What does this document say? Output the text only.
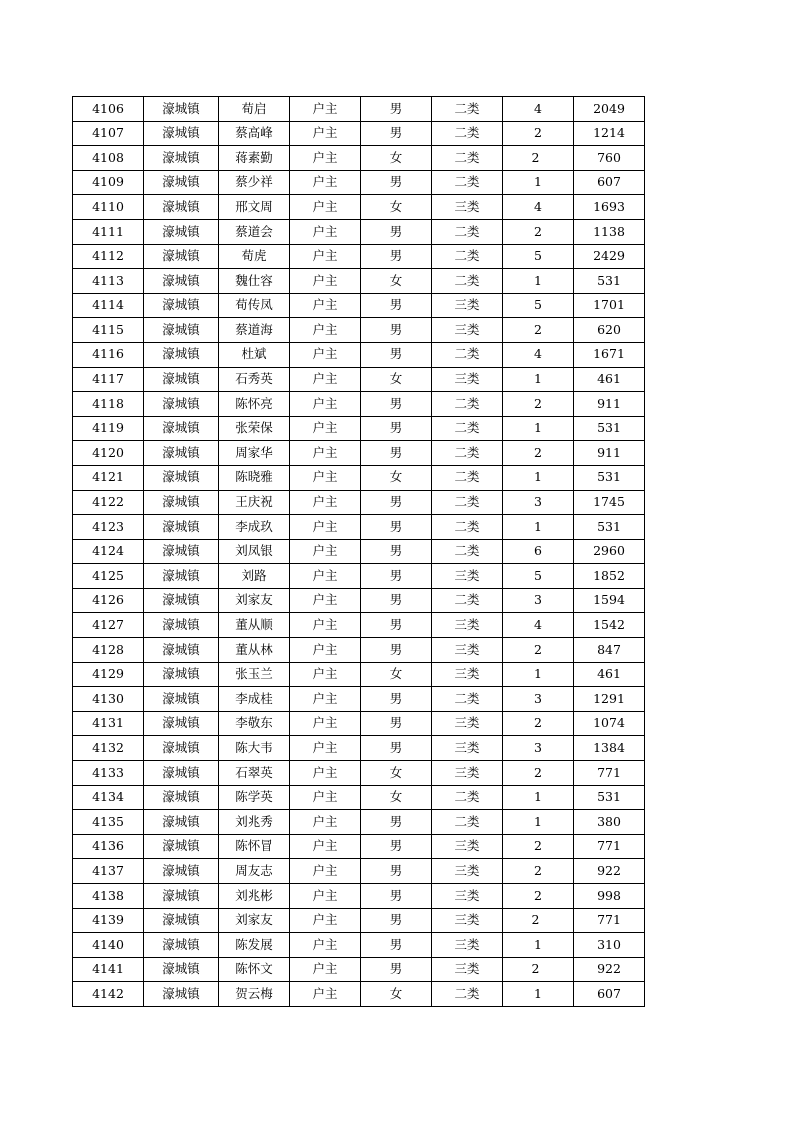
4106	濠城镇	荀启	户主	男	二类	4	2049
4107	濠城镇	蔡高峰	户主	男	二类	2	1214
4108	濠城镇	蒋素勤	户主	女	二类	2	760
4109	濠城镇	蔡少祥	户主	男	二类	1	607
4110	濠城镇	邢文周	户主	女	三类	4	1693
4111	濠城镇	蔡道会	户主	男	二类	2	1138
4112	濠城镇	荀虎	户主	男	二类	5	2429
4113	濠城镇	魏仕容	户主	女	二类	1	531
4114	濠城镇	荀传凤	户主	男	三类	5	1701
4115	濠城镇	蔡道海	户主	男	三类	2	620
4116	濠城镇	杜斌	户主	男	二类	4	1671
4117	濠城镇	石秀英	户主	女	三类	1	461
4118	濠城镇	陈怀亮	户主	男	二类	2	911
4119	濠城镇	张荣保	户主	男	二类	1	531
4120	濠城镇	周家华	户主	男	二类	2	911
4121	濠城镇	陈晓雅	户主	女	二类	1	531
4122	濠城镇	王庆祝	户主	男	二类	3	1745
4123	濠城镇	李成玖	户主	男	二类	1	531
4124	濠城镇	刘凤银	户主	男	二类	6	2960
4125	濠城镇	刘路	户主	男	三类	5	1852
4126	濠城镇	刘家友	户主	男	二类	3	1594
4127	濠城镇	董从顺	户主	男	三类	4	1542
4128	濠城镇	董从林	户主	男	三类	2	847
4129	濠城镇	张玉兰	户主	女	三类	1	461
4130	濠城镇	李成桂	户主	男	二类	3	1291
4131	濠城镇	李敬东	户主	男	三类	2	1074
4132	濠城镇	陈大韦	户主	男	三类	3	1384
4133	濠城镇	石翠英	户主	女	三类	2	771
4134	濠城镇	陈学英	户主	女	二类	1	531
4135	濠城镇	刘兆秀	户主	男	二类	1	380
4136	濠城镇	陈怀冒	户主	男	三类	2	771
4137	濠城镇	周友志	户主	男	三类	2	922
4138	濠城镇	刘兆彬	户主	男	三类	2	998
4139	濠城镇	刘家友	户主	男	三类	2	771
4140	濠城镇	陈发展	户主	男	三类	1	310
4141	濠城镇	陈怀文	户主	男	三类	2	922
4142	濠城镇	贺云梅	户主	女	二类	1	607
